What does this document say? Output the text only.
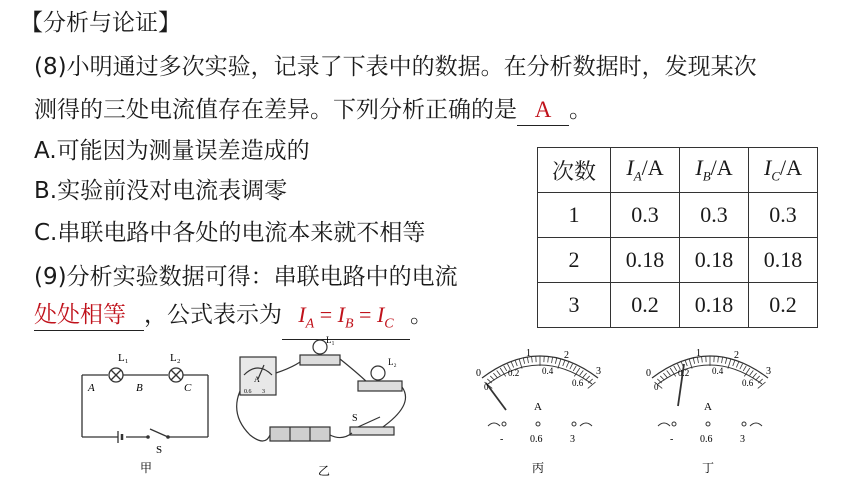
【分析与论证】
(8)小明通过多次实验，记录了下表中的数据。在分析数据时，发现某次
测得的三处电流值存在差异。下列分析正确的是 A 。
A.可能因为测量误差造成的
B.实验前没对电流表调零
C.串联电路中各处的电流本来就不相等
(9)分析实验数据可得：串联电路中的电流
处处相等 ，公式表示为 $I_A = I_B = I_C$ 。
次数	$I_A/A$	$I_B/A$	$I_C/A$
1	0.3	0.3	0.3
2	0.18	0.18	0.18
3	0.2	0.18	0.2
L₁	L₂
A	B	C
S
甲
A
0.6 3
L₁
L₂
S
乙
1	2
0	3
0
0.2	0.4
0.6
A
-	0.6	3
丙
1	2
0	3
0
0.2	0.4
0.6
A
-	0.6	3
丁
